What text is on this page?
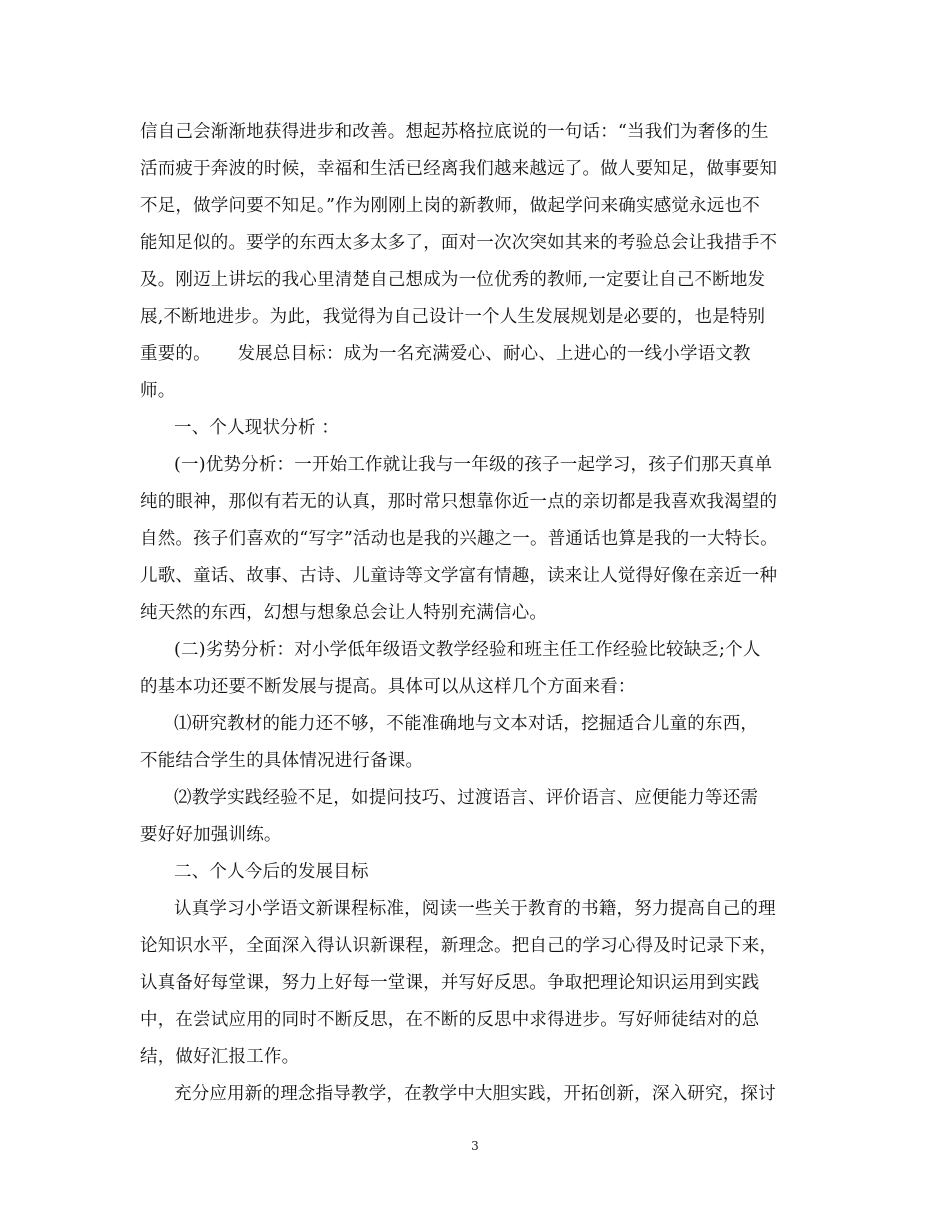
信自己会渐渐地获得进步和改善。想起苏格拉底说的一句话：“当我们为奢侈的生
活而疲于奔波的时候，幸福和生活已经离我们越来越远了。做人要知足，做事要知
不足，做学问要不知足。”作为刚刚上岗的新教师，做起学问来确实感觉永远也不
能知足似的。要学的东西太多太多了，面对一次次突如其来的考验总会让我措手不
及。刚迈上讲坛的我心里清楚自己想成为一位优秀的教师,一定要让自己不断地发
展,不断地进步。为此，我觉得为自己设计一个人生发展规划是必要的，也是特别
重要的。　　发展总目标：成为一名充满爱心、耐心、上进心的一线小学语文教
师。
一、个人现状分析 ：
(一)优势分析：一开始工作就让我与一年级的孩子一起学习，孩子们那天真单
纯的眼神，那似有若无的认真，那时常只想靠你近一点的亲切都是我喜欢我渴望的
自然。孩子们喜欢的“写字”活动也是我的兴趣之一。普通话也算是我的一大特长。
儿歌、童话、故事、古诗、儿童诗等文学富有情趣，读来让人觉得好像在亲近一种
纯天然的东西，幻想与想象总会让人特别充满信心。
(二)劣势分析：对小学低年级语文教学经验和班主任工作经验比较缺乏;个人
的基本功还要不断发展与提高。具体可以从这样几个方面来看：
⑴研究教材的能力还不够，不能准确地与文本对话，挖掘适合儿童的东西，
不能结合学生的具体情况进行备课。
⑵教学实践经验不足，如提问技巧、过渡语言、评价语言、应便能力等还需
要好好加强训练。
二、个人今后的发展目标
认真学习小学语文新课程标准，阅读一些关于教育的书籍，努力提高自己的理
论知识水平，全面深入得认识新课程，新理念。把自己的学习心得及时记录下来，
认真备好每堂课，努力上好每一堂课，并写好反思。争取把理论知识运用到实践
中，在尝试应用的同时不断反思，在不断的反思中求得进步。写好师徒结对的总
结，做好汇报工作。
充分应用新的理念指导教学，在教学中大胆实践，开拓创新，深入研究，探讨
3
